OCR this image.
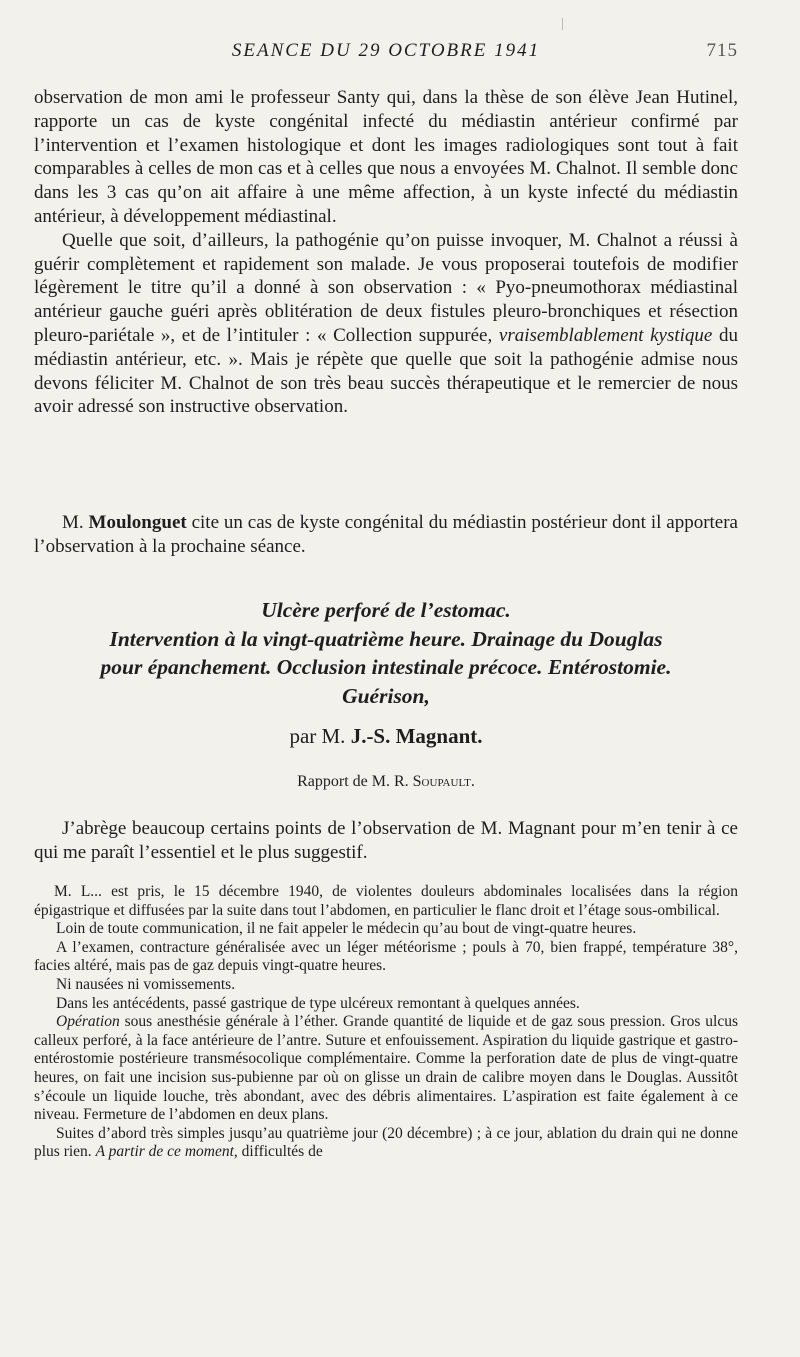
SEANCE DU 29 OCTOBRE 1941	715

observation de mon ami le professeur Santy qui, dans la thèse de son élève Jean Hutinel, rapporte un cas de kyste congénital infecté du médiastin antérieur confirmé par l’intervention et l’examen histologique et dont les images radiologiques sont tout à fait comparables à celles de mon cas et à celles que nous a envoyées M. Chalnot. Il semble donc dans les 3 cas qu’on ait affaire à une même affection, à un kyste infecté du médiastin antérieur, à développement médiastinal.

Quelle que soit, d’ailleurs, la pathogénie qu’on puisse invoquer, M. Chalnot a réussi à guérir complètement et rapidement son malade. Je vous proposerai toutefois de modifier légèrement le titre qu’il a donné à son observation : « Pyo-pneumothorax médiastinal antérieur gauche guéri après oblitération de deux fistules pleuro-bronchiques et résection pleuro-pariétale », et de l’intituler : « Collection suppurée, vraisemblablement kystique du médiastin antérieur, etc. ». Mais je répète que quelle que soit la pathogénie admise nous devons féliciter M. Chalnot de son très beau succès thérapeutique et le remercier de nous avoir adressé son instructive observation.

M. Moulonguet cite un cas de kyste congénital du médiastin postérieur dont il apportera l’observation à la prochaine séance.

Ulcère perforé de l’estomac.
Intervention à la vingt-quatrième heure. Drainage du Douglas
pour épanchement. Occlusion intestinale précoce. Entérostomie.
Guérison,
par M. J.-S. Magnant.
Rapport de M. R. Soupault.

J’abrège beaucoup certains points de l’observation de M. Magnant pour m’en tenir à ce qui me paraît l’essentiel et le plus suggestif.

M. L... est pris, le 15 décembre 1940, de violentes douleurs abdominales localisées dans la région épigastrique et diffusées par la suite dans tout l’abdomen, en particulier le flanc droit et l’étage sous-ombilical.

Loin de toute communication, il ne fait appeler le médecin qu’au bout de vingt-quatre heures.

A l’examen, contracture généralisée avec un léger météorisme ; pouls à 70, bien frappé, température 38°, facies altéré, mais pas de gaz depuis vingt-quatre heures.

Ni nausées ni vomissements.

Dans les antécédents, passé gastrique de type ulcéreux remontant à quelques années.

Opération sous anesthésie générale à l’éther. Grande quantité de liquide et de gaz sous pression. Gros ulcus calleux perforé, à la face antérieure de l’antre. Suture et enfouissement. Aspiration du liquide gastrique et gastro-entérostomie postérieure transmésocolique complémentaire. Comme la perforation date de plus de vingt-quatre heures, on fait une incision sus-pubienne par où on glisse un drain de calibre moyen dans le Douglas. Aussitôt s’écoule un liquide louche, très abondant, avec des débris alimentaires. L’aspiration est faite également à ce niveau. Fermeture de l’abdomen en deux plans.

Suites d’abord très simples jusqu’au quatrième jour (20 décembre) ; à ce jour, ablation du drain qui ne donne plus rien. A partir de ce moment, difficultés de
